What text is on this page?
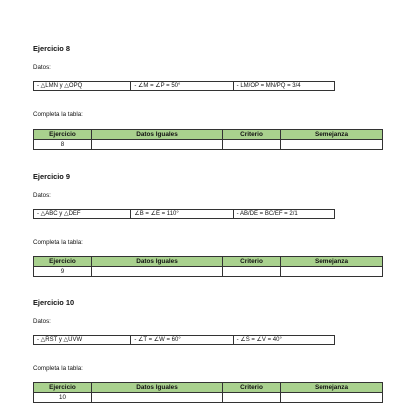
Ejercicio 8

Datos:

- △LMN y △OPQ	- ∠M = ∠P = 50°	- LM/OP = MN/PQ = 3/4

Completa la tabla:

Ejercicio	Datos Iguales	Criterio	Semejanza
8			

Ejercicio 9

Datos:

- △ABC y △DEF	∠B = ∠E = 110°	- AB/DE = BC/EF = 2/1

Completa la tabla:

Ejercicio	Datos Iguales	Criterio	Semejanza
9			

Ejercicio 10

Datos:

- △RST y △UVW	- ∠T = ∠W = 60°	- ∠S = ∠V = 40°

Completa la tabla:

Ejercicio	Datos Iguales	Criterio	Semejanza
10			
